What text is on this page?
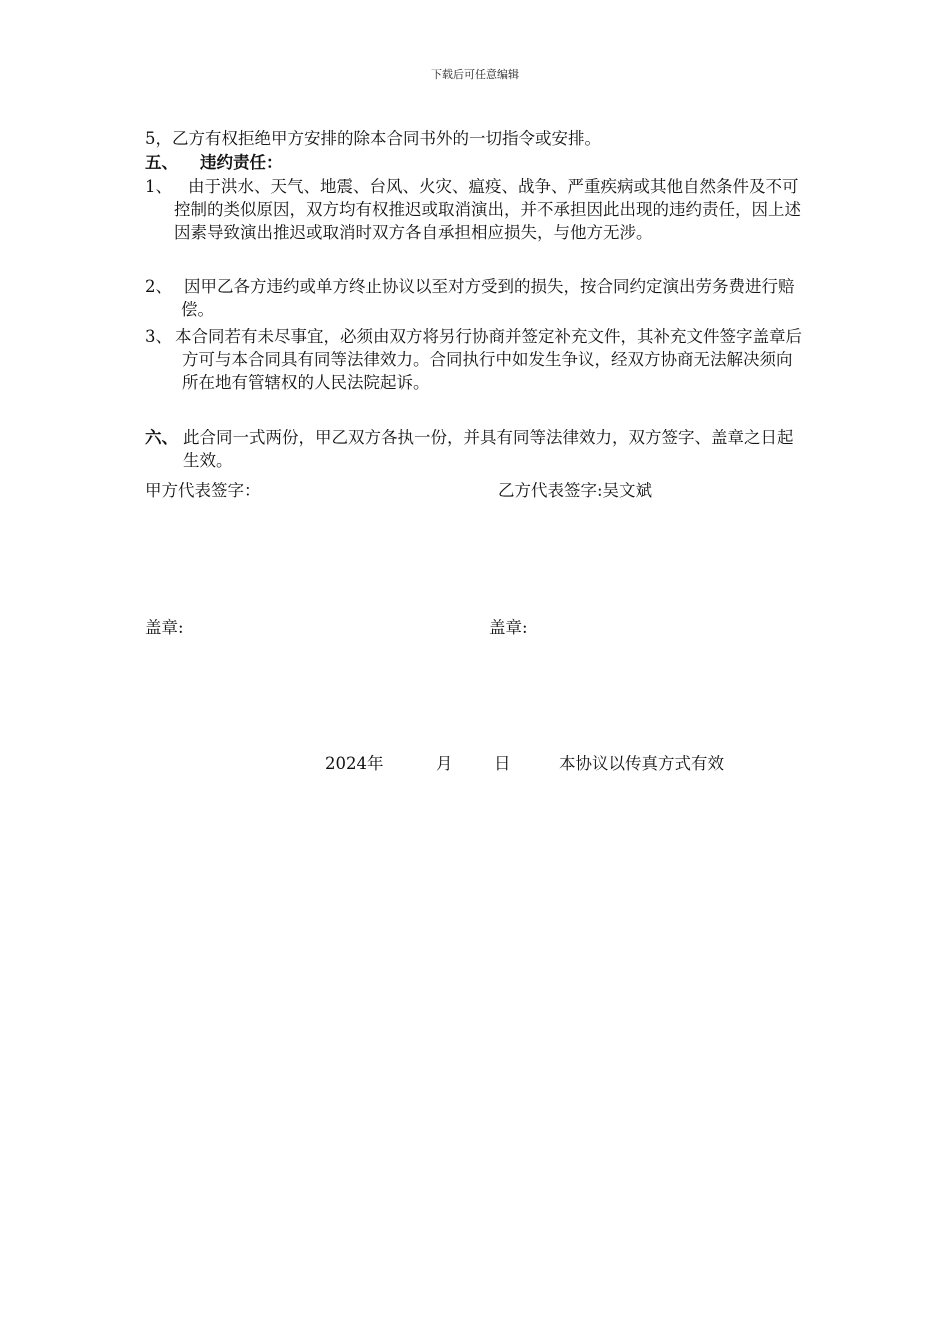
下载后可任意编辑
5，乙方有权拒绝甲方安排的除本合同书外的一切指令或安排。
五、 违约责任：
1、 由于洪水、天气、地震、台风、火灾、瘟疫、战争、严重疾病或其他自然条件及不可控制的类似原因，双方均有权推迟或取消演出，并不承担因此出现的违约责任，因上述因素导致演出推迟或取消时双方各自承担相应损失，与他方无涉。
2、 因甲乙各方违约或单方终止协议以至对方受到的损失，按合同约定演出劳务费进行赔偿。
3、 本合同若有未尽事宜，必须由双方将另行协商并签定补充文件，其补充文件签字盖章后方可与本合同具有同等法律效力。合同执行中如发生争议，经双方协商无法解决须向所在地有管辖权的人民法院起诉。
六、 此合同一式两份，甲乙双方各执一份，并具有同等法律效力，双方签字、盖章之日起生效。
甲方代表签字：	乙方代表签字:吴文斌
盖章:	盖章:
2024年	月	日	本协议以传真方式有效
